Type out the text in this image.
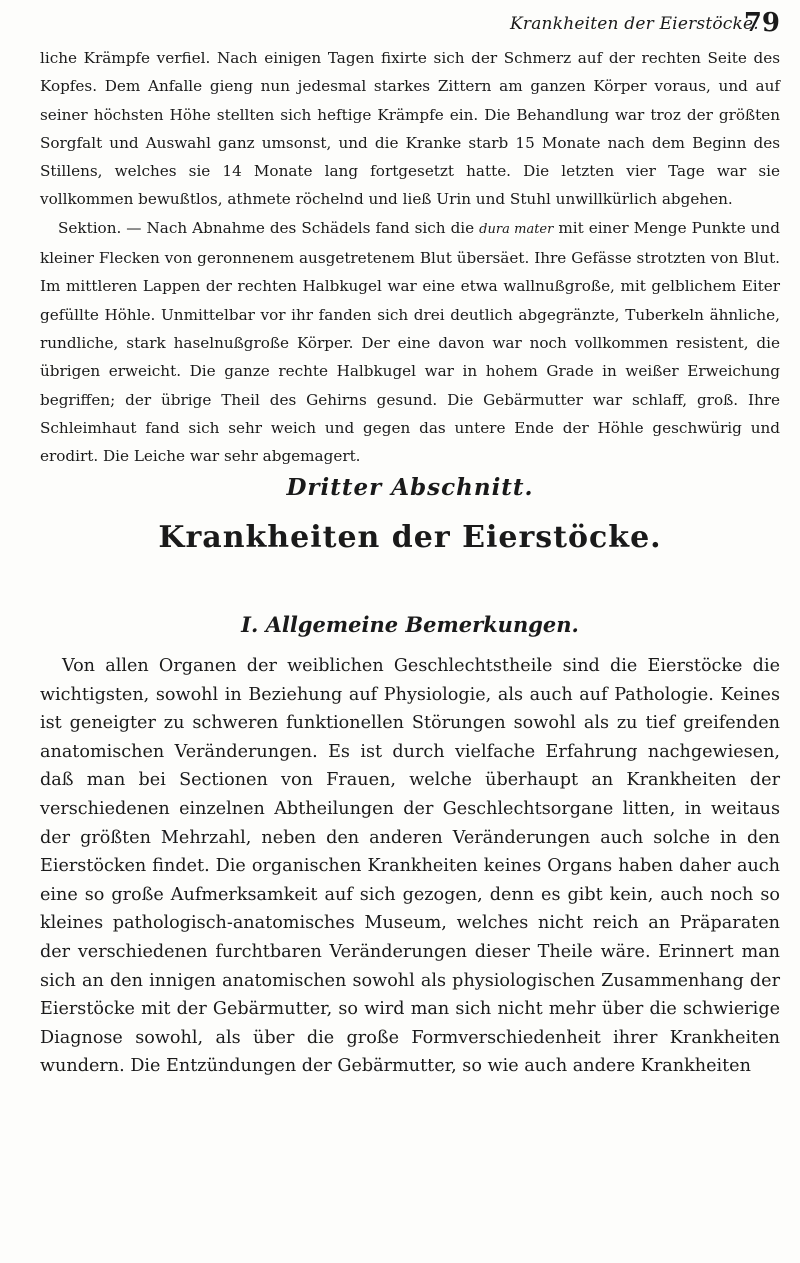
Krankheiten der Eierstöcke.
79

liche Krämpfe verfiel. Nach einigen Tagen fixirte sich der Schmerz auf der rechten Seite des Kopfes. Dem Anfalle gieng nun jedesmal starkes Zittern am ganzen Körper voraus, und auf seiner höchsten Höhe stellten sich heftige Krämpfe ein. Die Behandlung war troz der größten Sorgfalt und Auswahl ganz umsonst, und die Kranke starb 15 Monate nach dem Beginn des Stillens, welches sie 14 Monate lang fortgesetzt hatte. Die letzten vier Tage war sie vollkommen bewußtlos, athmete röchelnd und ließ Urin und Stuhl unwillkürlich abgehen.

Sektion. — Nach Abnahme des Schädels fand sich die dura mater mit einer Menge Punkte und kleiner Flecken von geronnenem ausgetretenem Blut übersäet. Ihre Gefässe strotzten von Blut. Im mittleren Lappen der rechten Halbkugel war eine etwa wallnußgroße, mit gelblichem Eiter gefüllte Höhle. Unmittelbar vor ihr fanden sich drei deutlich abgegränzte, Tuberkeln ähnliche, rundliche, stark haselnußgroße Körper. Der eine davon war noch vollkommen resistent, die übrigen erweicht. Die ganze rechte Halbkugel war in hohem Grade in weißer Erweichung begriffen; der übrige Theil des Gehirns gesund. Die Gebärmutter war schlaff, groß. Ihre Schleimhaut fand sich sehr weich und gegen das untere Ende der Höhle geschwürig und erodirt. Die Leiche war sehr abgemagert.

Dritter Abschnitt.
Krankheiten der Eierstöcke.
I. Allgemeine Bemerkungen.

Von allen Organen der weiblichen Geschlechtstheile sind die Eierstöcke die wichtigsten, sowohl in Beziehung auf Physiologie, als auch auf Pathologie. Keines ist geneigter zu schweren funktionellen Störungen sowohl als zu tief greifenden anatomischen Veränderungen. Es ist durch vielfache Erfahrung nachgewiesen, daß man bei Sectionen von Frauen, welche überhaupt an Krankheiten der verschiedenen einzelnen Abtheilungen der Geschlechtsorgane litten, in weitaus der größten Mehrzahl, neben den anderen Veränderungen auch solche in den Eierstöcken findet. Die organischen Krankheiten keines Organs haben daher auch eine so große Aufmerksamkeit auf sich gezogen, denn es gibt kein, auch noch so kleines pathologisch-anatomisches Museum, welches nicht reich an Präparaten der verschiedenen furchtbaren Veränderungen dieser Theile wäre. Erinnert man sich an den innigen anatomischen sowohl als physiologischen Zusammenhang der Eierstöcke mit der Gebärmutter, so wird man sich nicht mehr über die schwierige Diagnose sowohl, als über die große Formverschiedenheit ihrer Krankheiten wundern. Die Entzündungen der Gebärmutter, so wie auch andere Krankheiten
